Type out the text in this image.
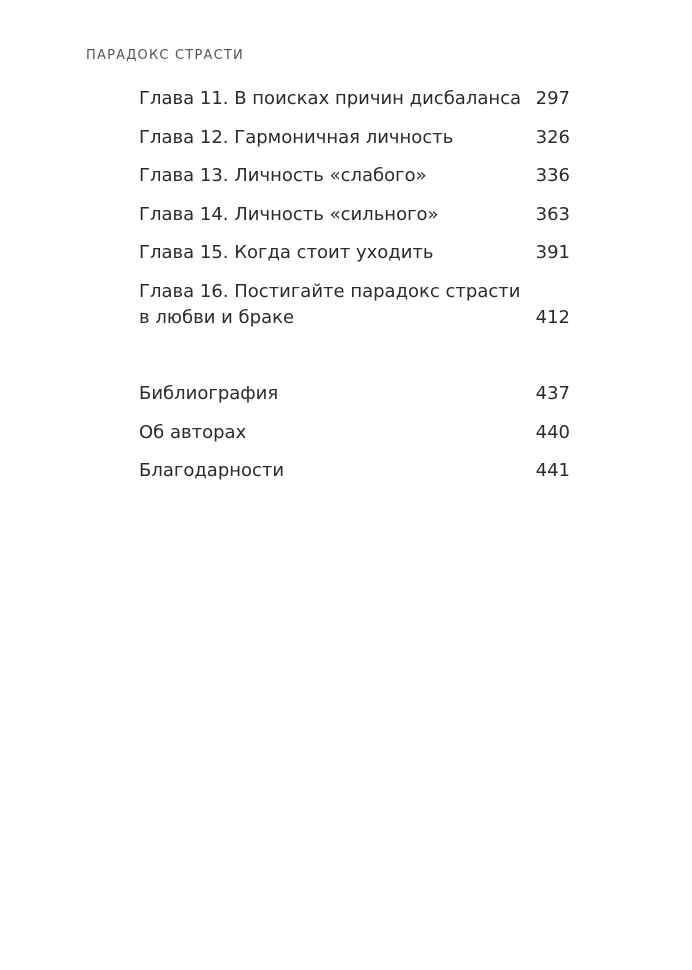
ПАРАДОКС СТРАСТИ
Глава 11. В поисках причин дисбаланса 297
Глава 12. Гармоничная личность	326
Глава 13. Личность «слабого»	336
Глава 14. Личность «сильного»	363
Глава 15. Когда стоит уходить	391
Глава 16. Постигайте парадокс страсти
в любви и браке	412
Библиография	437
Об авторах	440
Благодарности	441
